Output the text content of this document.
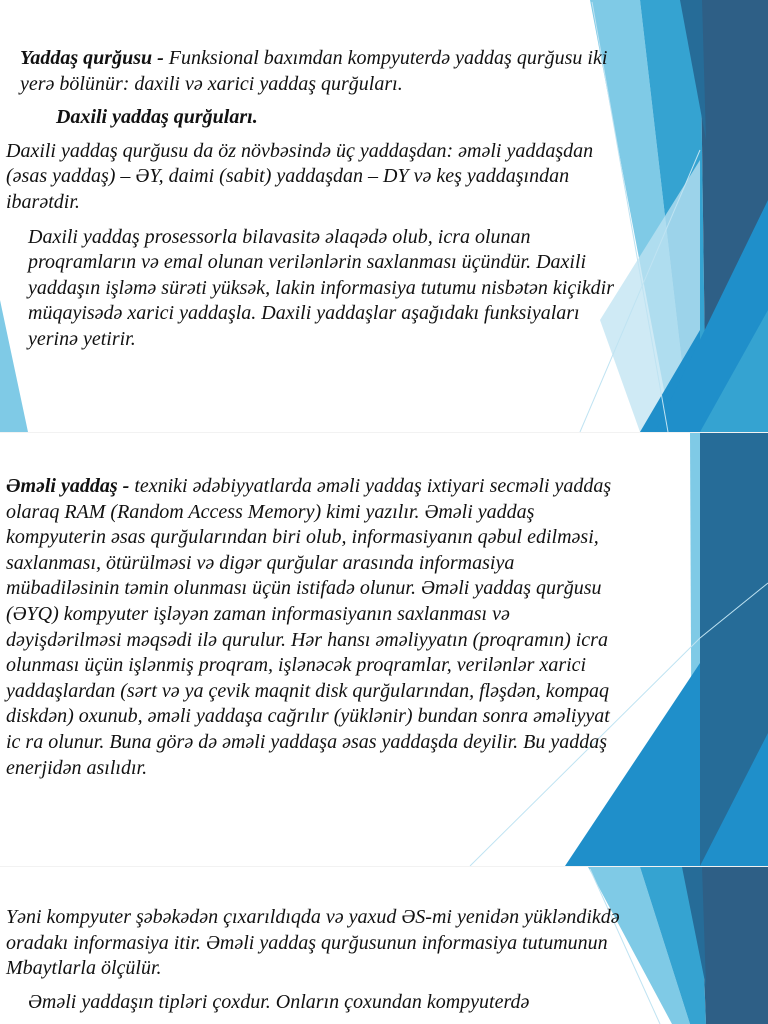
Yaddaş qurğusu - Funksional baxımdan kompyuterdə yaddaş qurğusu iki yerə bölünür: daxili və xarici yaddaş qurğuları.

Daxili yaddaş qurğuları.

Daxili yaddaş qurğusu da öz növbəsində üç yaddaşdan: əməli yaddaşdan (əsas yaddaş) – ƏY, daimi (sabit) yaddaşdan – DY və keş yaddaşından ibarətdir.

Daxili yaddaş prosessorla bilavasitə əlaqədə olub, icra olunan proqramların və emal olunan verilənlərin saxlanması üçündür. Daxili yaddaşın işləmə sürəti yüksək, lakin informasiya tutumu nisbətən kiçikdir müqayisədə xarici yaddaşla. Daxili yaddaşlar aşağıdakı funksiyaları yerinə yetirir.

Əməli yaddaş - texniki ədəbiyyatlarda əməli yaddaş ixtiyari secməli yaddaş olaraq RAM (Random Access Memory) kimi yazılır. Əməli yaddaş kompyuterin əsas qurğularından biri olub, informasiyanın qəbul edilməsi, saxlanması, ötürülməsi və digər qurğular arasında informasiya mübadiləsinin təmin olunması üçün istifadə olunur. Əməli yaddaş qurğusu (ƏYQ) kompyuter işləyən zaman informasiyanın saxlanması və dəyişdərilməsi məqsədi ilə qurulur. Hər hansı əməliyyatın (proqramın) icra olunması üçün işlənmiş proqram, işlənəcək proqramlar, verilənlər xarici yaddaşlardan (sərt və ya çevik maqnit disk qurğularından, fləşdən, kompaq diskdən) oxunub, əməli yaddaşa cağrılır (yüklənir) bundan sonra əməliyyat ic ra olunur. Buna görə də əməli yaddaşa əsas yaddaşda deyilir. Bu yaddaş enerjidən asılıdır.

Yəni kompyuter şəbəkədən çıxarıldıqda və yaxud ƏS-mi yenidən yükləndikdə oradakı informasiya itir. Əməli yaddaş qurğusunun informasiya tutumunun Mbaytlarla ölçülür.

Əməli yaddaşın tipləri çoxdur. Onların çoxundan kompyuterdə
